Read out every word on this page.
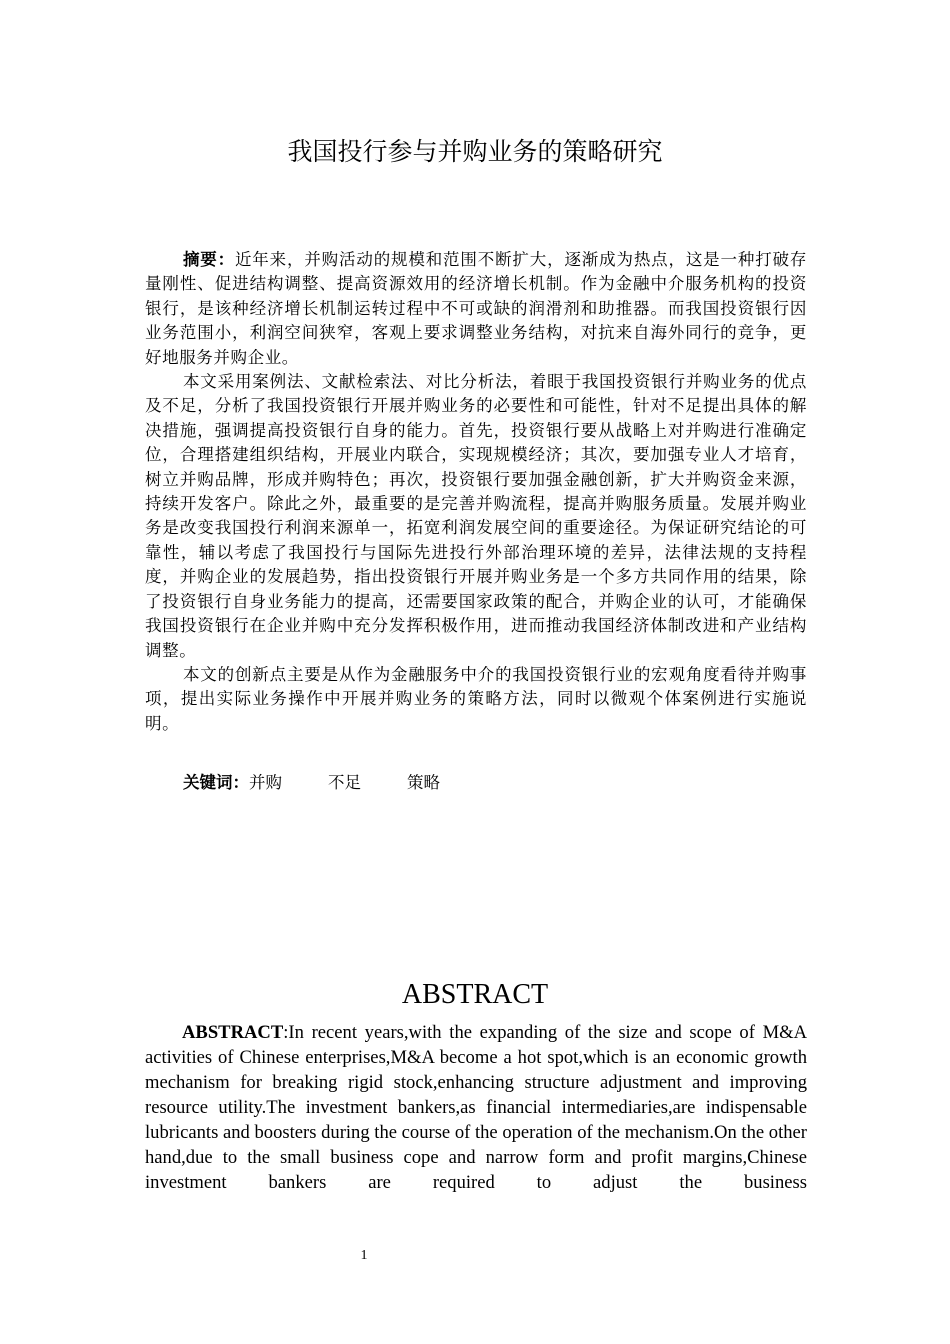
我国投行参与并购业务的策略研究

摘要：近年来，并购活动的规模和范围不断扩大，逐渐成为热点，这是一种打破存量刚性、促进结构调整、提高资源效用的经济增长机制。作为金融中介服务机构的投资银行，是该种经济增长机制运转过程中不可或缺的润滑剂和助推器。而我国投资银行因业务范围小，利润空间狭窄，客观上要求调整业务结构，对抗来自海外同行的竞争，更好地服务并购企业。

本文采用案例法、文献检索法、对比分析法，着眼于我国投资银行并购业务的优点及不足，分析了我国投资银行开展并购业务的必要性和可能性，针对不足提出具体的解决措施，强调提高投资银行自身的能力。首先，投资银行要从战略上对并购进行准确定位，合理搭建组织结构，开展业内联合，实现规模经济；其次，要加强专业人才培育，树立并购品牌，形成并购特色；再次，投资银行要加强金融创新，扩大并购资金来源，持续开发客户。除此之外，最重要的是完善并购流程，提高并购服务质量。发展并购业务是改变我国投行利润来源单一，拓宽利润发展空间的重要途径。为保证研究结论的可靠性，辅以考虑了我国投行与国际先进投行外部治理环境的差异，法律法规的支持程度，并购企业的发展趋势，指出投资银行开展并购业务是一个多方共同作用的结果，除了投资银行自身业务能力的提高，还需要国家政策的配合，并购企业的认可，才能确保我国投资银行在企业并购中充分发挥积极作用，进而推动我国经济体制改进和产业结构调整。

本文的创新点主要是从作为金融服务中介的我国投资银行业的宏观角度看待并购事项，提出实际业务操作中开展并购业务的策略方法，同时以微观个体案例进行实施说明。

关键词：并购	不足	策略
ABSTRACT

ABSTRACT:In recent years,with the expanding of the size and scope of M&A activities of Chinese enterprises,M&A become a hot spot,which is an economic growth mechanism for breaking rigid stock,enhancing structure adjustment and improving resource utility.The investment bankers,as financial intermediaries,are indispensable lubricants and boosters during the course of the operation of the mechanism.On the other hand,due to the small business cope and narrow form and profit margins,Chinese investment bankers are required to adjust the business

1
